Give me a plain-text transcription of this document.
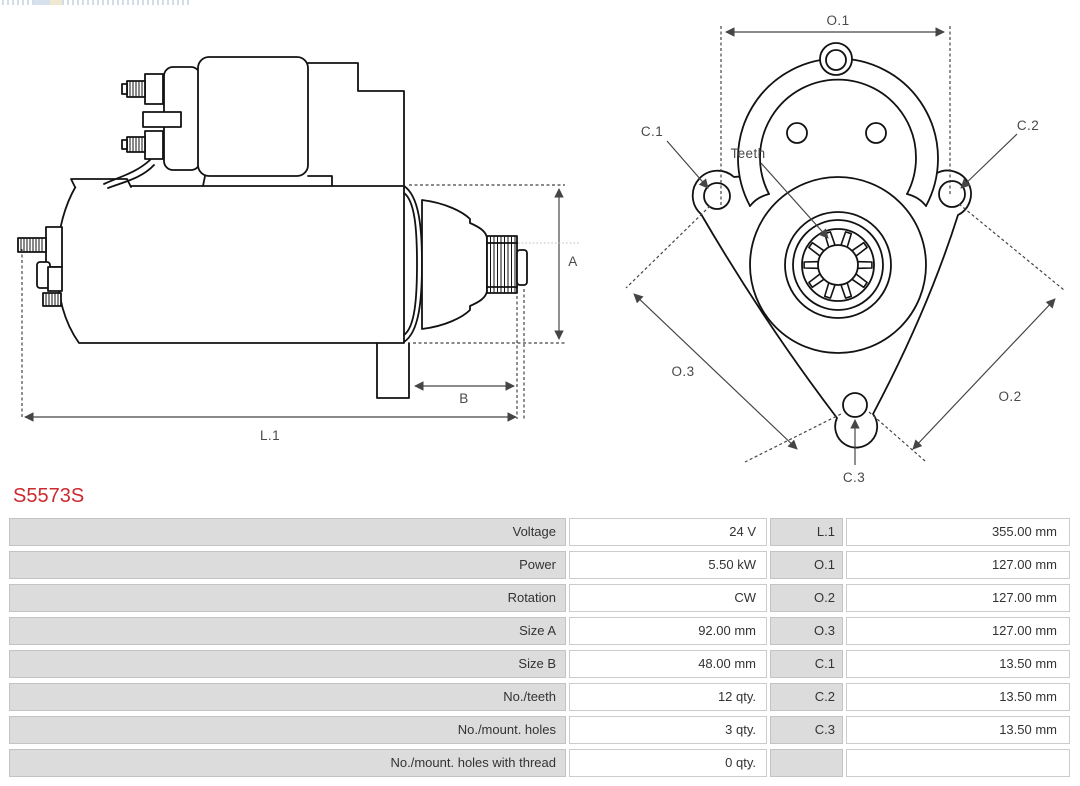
A
B
L.1
O.1
C.1	C.2
C.3
O.3
O.2
Teeth
S5573S
Voltage	24 V	L.1	355.00 mm
Power	5.50 kW	O.1	127.00 mm
Rotation	CW	O.2	127.00 mm
Size A	92.00 mm	O.3	127.00 mm
Size B	48.00 mm	C.1	13.50 mm
No./teeth	12 qty.	C.2	13.50 mm
No./mount. holes	3 qty.	C.3	13.50 mm
No./mount. holes with thread	0 qty.
